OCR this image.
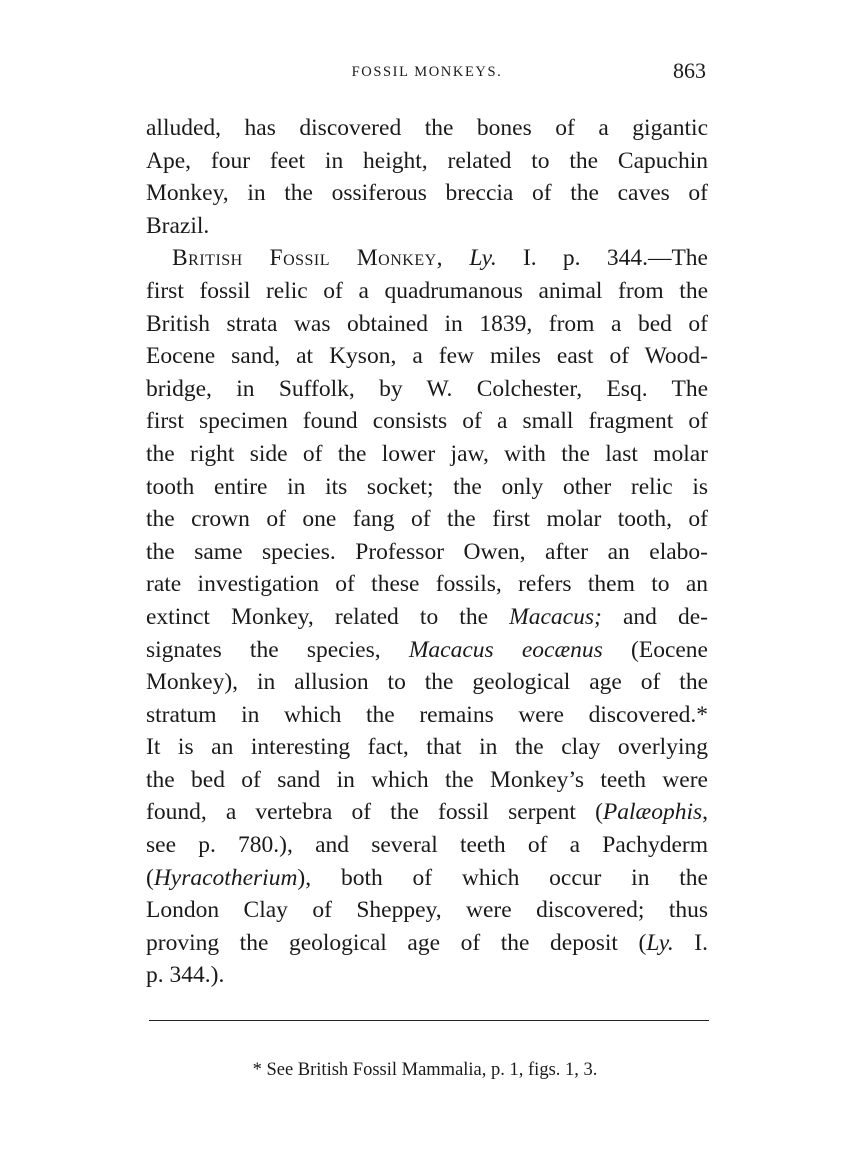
FOSSIL MONKEYS.	863
alluded, has discovered the bones of a gigantic
Ape, four feet in height, related to the Capuchin
Monkey, in the ossiferous breccia of the caves of
Brazil.
British Fossil Monkey, Ly. I. p. 344.—The
first fossil relic of a quadrumanous animal from the
British strata was obtained in 1839, from a bed of
Eocene sand, at Kyson, a few miles east of Wood-
bridge, in Suffolk, by W. Colchester, Esq. The
first specimen found consists of a small fragment of
the right side of the lower jaw, with the last molar
tooth entire in its socket; the only other relic is
the crown of one fang of the first molar tooth, of
the same species. Professor Owen, after an elabo-
rate investigation of these fossils, refers them to an
extinct Monkey, related to the Macacus; and de-
signates the species, Macacus eocænus (Eocene
Monkey), in allusion to the geological age of the
stratum in which the remains were discovered.*
It is an interesting fact, that in the clay overlying
the bed of sand in which the Monkey’s teeth were
found, a vertebra of the fossil serpent (Palæophis,
see p. 780.), and several teeth of a Pachyderm
(Hyracotherium), both of which occur in the
London Clay of Sheppey, were discovered; thus
proving the geological age of the deposit (Ly. I.
p. 344.).
* See British Fossil Mammalia, p. 1, figs. 1, 3.
